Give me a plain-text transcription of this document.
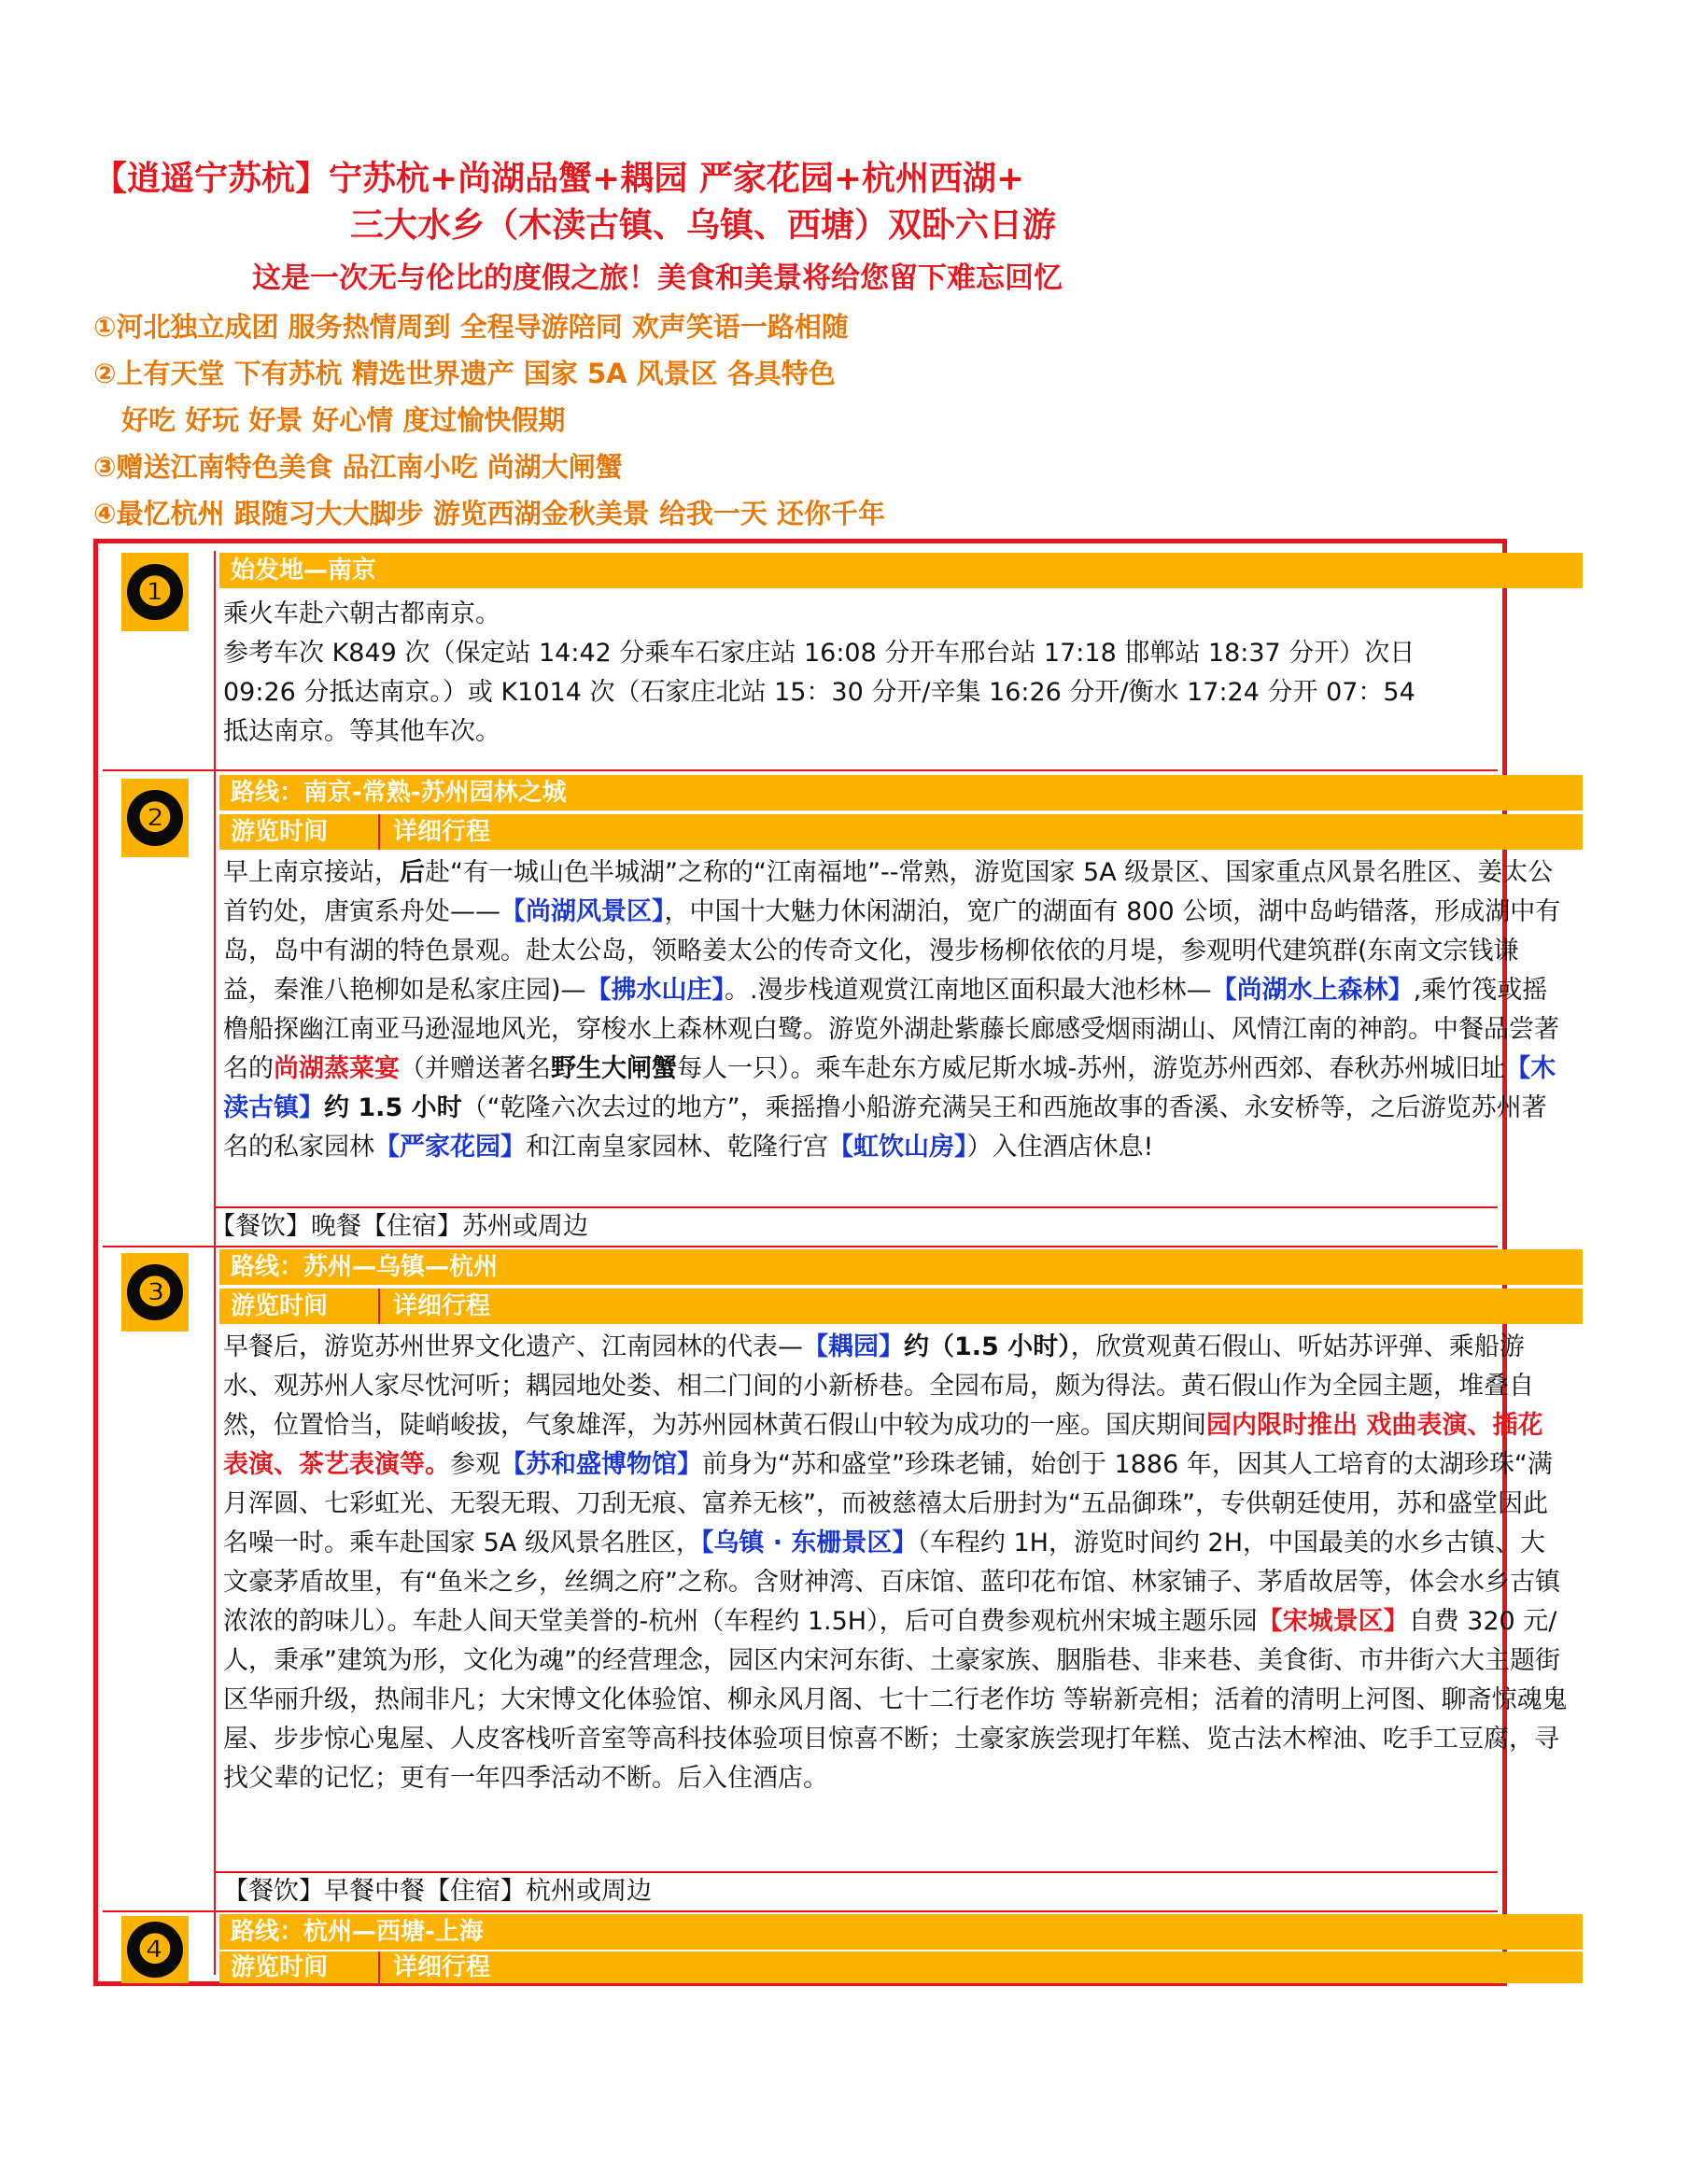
【逍遥宁苏杭】宁苏杭+尚湖品蟹+耦园 严家花园+杭州西湖+
三大水乡（木渎古镇、乌镇、西塘）双卧六日游
这是一次无与伦比的度假之旅！美食和美景将给您留下难忘回忆
①河北独立成团 服务热情周到 全程导游陪同 欢声笑语一路相随
②上有天堂 下有苏杭 精选世界遗产 国家 5A 风景区 各具特色
好吃 好玩 好景 好心情 度过愉快假期
③赠送江南特色美食 品江南小吃 尚湖大闸蟹
④最忆杭州 跟随习大大脚步 游览西湖金秋美景 给我一天 还你千年
❶	始发地—南京

乘火车赴六朝古都南京。

参考车次 K849 次（保定站 14:42 分乘车石家庄站 16:08 分开车邢台站 17:18 邯郸站 18:37 分开）次日

09:26 分抵达南京。）或 K1014 次（石家庄北站 15：30 分开/辛集 16:26 分开/衡水 17:24 分开 07：54

抵达南京。等其他车次。

❷
路线：南京-常熟-苏州园林之城
游览时间	详细行程

早上南京接站，后赴“有一城山色半城湖”之称的“江南福地”--常熟，游览国家 5A 级景区、国家重点风景名胜区、姜太公首钓处，唐寅系舟处——【尚湖风景区】，中国十大魅力休闲湖泊，宽广的湖面有 800 公顷，湖中岛屿错落，形成湖中有岛，岛中有湖的特色景观。赴太公岛，领略姜太公的传奇文化，漫步杨柳依依的月堤，参观明代建筑群(东南文宗钱谦益，秦淮八艳柳如是私家庄园)—【拂水山庄】。.漫步栈道观赏江南地区面积最大池杉林—【尚湖水上森林】,乘竹筏或摇橹船探幽江南亚马逊湿地风光，穿梭水上森林观白鹭。游览外湖赴紫藤长廊感受烟雨湖山、风情江南的神韵。中餐品尝著名的尚湖蒸菜宴（并赠送著名野生大闸蟹每人一只）。乘车赴东方威尼斯水城-苏州，游览苏州西郊、春秋苏州城旧址【木渎古镇】约 1.5 小时（“乾隆六次去过的地方”，乘摇撸小船游充满吴王和西施故事的香溪、永安桥等，之后游览苏州著名的私家园林【严家花园】和江南皇家园林、乾隆行宫【虹饮山房】）入住酒店休息!

【餐饮】晚餐【住宿】苏州或周边
❸
路线：苏州—乌镇—杭州
游览时间	详细行程

早餐后，游览苏州世界文化遗产、江南园林的代表—【耦园】约（1.5 小时），欣赏观黄石假山、听姑苏评弹、乘船游水、观苏州人家尽忱河听；耦园地处娄、相二门间的小新桥巷。全园布局，颇为得法。黄石假山作为全园主题，堆叠自然，位置恰当，陡峭峻拔，气象雄浑，为苏州园林黄石假山中较为成功的一座。国庆期间园内限时推出 戏曲表演、插花表演、茶艺表演等。参观【苏和盛博物馆】前身为“苏和盛堂”珍珠老铺，始创于 1886 年，因其人工培育的太湖珍珠“满月浑圆、七彩虹光、无裂无瑕、刀刮无痕、富养无核”，而被慈禧太后册封为“五品御珠”，专供朝廷使用，苏和盛堂因此名噪一时。乘车赴国家 5A 级风景名胜区，【乌镇 · 东栅景区】（车程约 1H，游览时间约 2H，中国最美的水乡古镇、大文豪茅盾故里，有“鱼米之乡，丝绸之府”之称。含财神湾、百床馆、蓝印花布馆、林家铺子、茅盾故居等，体会水乡古镇浓浓的韵味儿）。车赴人间天堂美誉的-杭州（车程约 1.5H），后可自费参观杭州宋城主题乐园【宋城景区】自费 320 元/人，秉承”建筑为形，文化为魂”的经营理念，园区内宋河东街、土豪家族、胭脂巷、非来巷、美食街、市井街六大主题街区华丽升级，热闹非凡；大宋博文化体验馆、柳永风月阁、七十二行老作坊 等崭新亮相；活着的清明上河图、聊斋惊魂鬼屋、步步惊心鬼屋、人皮客栈听音室等高科技体验项目惊喜不断；土豪家族尝现打年糕、览古法木榨油、吃手工豆腐，寻找父辈的记忆；更有一年四季活动不断。后入住酒店。

【餐饮】早餐中餐【住宿】杭州或周边
❹	路线：杭州—西塘-上海
游览时间	详细行程
